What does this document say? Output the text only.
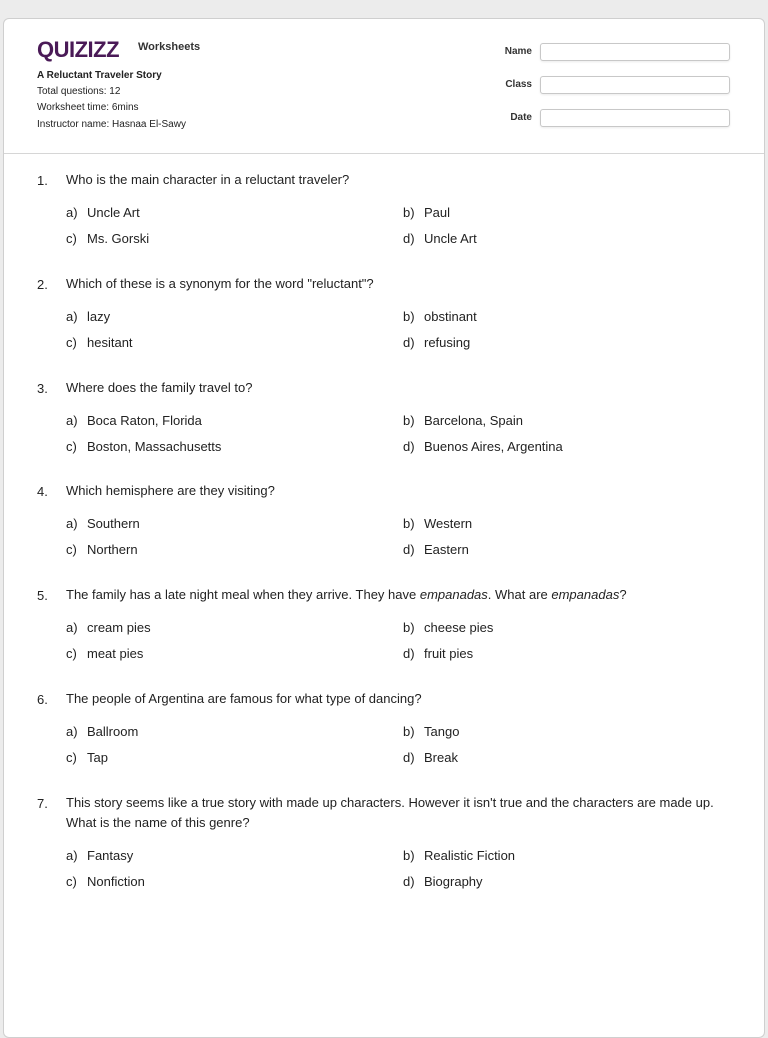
QUIZIZZ Worksheets
A Reluctant Traveler Story
Total questions: 12
Worksheet time: 6mins
Instructor name: Hasnaa El-Sawy
Name
Class
Date
1. Who is the main character in a reluctant traveler?
a) Uncle Art	b) Paul
c) Ms. Gorski	d) Uncle Art
2. Which of these is a synonym for the word "reluctant"?
a) lazy	b) obstinant
c) hesitant	d) refusing
3. Where does the family travel to?
a) Boca Raton, Florida	b) Barcelona, Spain
c) Boston, Massachusetts	d) Buenos Aires, Argentina
4. Which hemisphere are they visiting?
a) Southern	b) Western
c) Northern	d) Eastern
5. The family has a late night meal when they arrive. They have empanadas. What are empanadas?
a) cream pies	b) cheese pies
c) meat pies	d) fruit pies
6. The people of Argentina are famous for what type of dancing?
a) Ballroom	b) Tango
c) Tap	d) Break
7. This story seems like a true story with made up characters. However it isn't true and the characters are made up. What is the name of this genre?
a) Fantasy	b) Realistic Fiction
c) Nonfiction	d) Biography
